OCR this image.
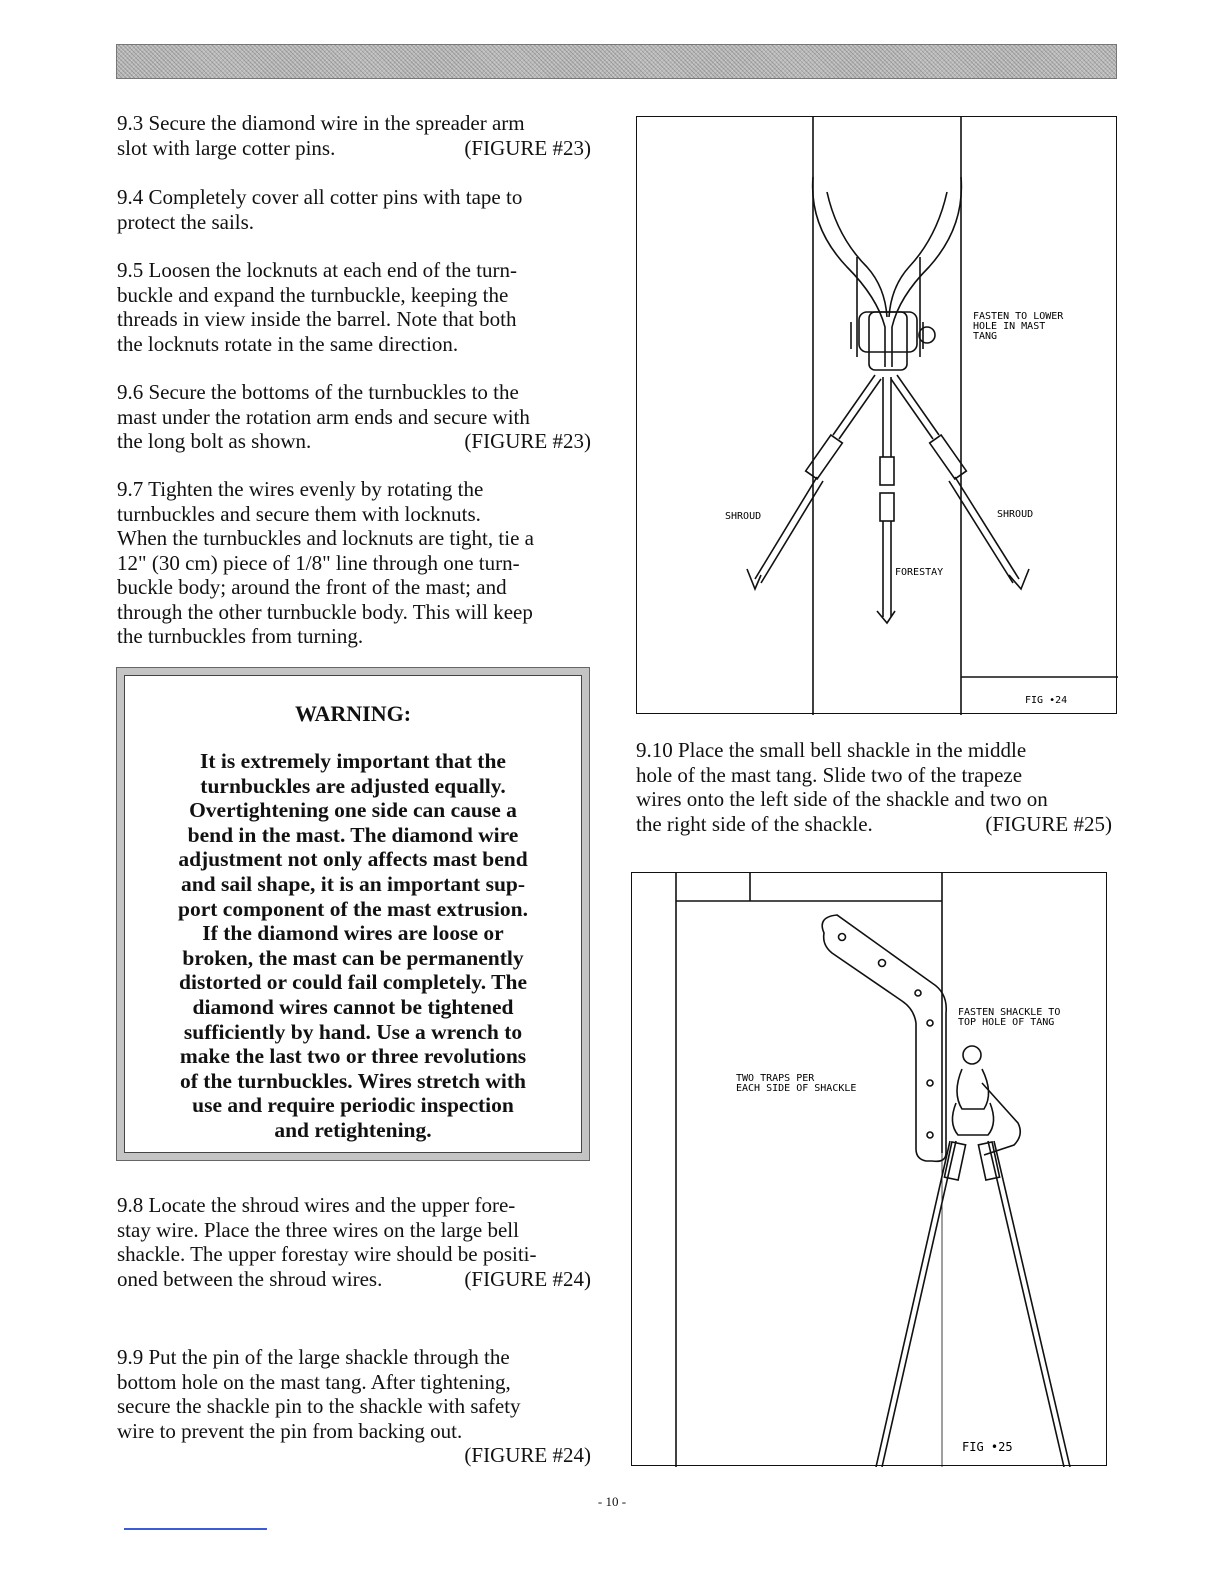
9.3 Secure the diamond wire in the spreader arm
slot with large cotter pins.	(FIGURE #23)
9.4 Completely cover all cotter pins with tape to
protect the sails.
9.5 Loosen the locknuts at each end of the turn-
buckle and expand the turnbuckle, keeping the
threads in view inside the barrel. Note that both
the locknuts rotate in the same direction.
9.6 Secure the bottoms of the turnbuckles to the
mast under the rotation arm ends and secure with
the long bolt as shown.	(FIGURE #23)
9.7 Tighten the wires evenly by rotating the
turnbuckles and secure them with locknuts.
When the turnbuckles and locknuts are tight, tie a
12" (30 cm) piece of 1/8" line through one turn-
buckle body; around the front of the mast; and
through the other turnbuckle body. This will keep
the turnbuckles from turning.
WARNING:
It is extremely important that the
turnbuckles are adjusted equally.
Overtightening one side can cause a
bend in the mast. The diamond wire
adjustment not only affects mast bend
and sail shape, it is an important sup-
port component of the mast extrusion.
If the diamond wires are loose or
broken, the mast can be permanently
distorted or could fail completely. The
diamond wires cannot be tightened
sufficiently by hand. Use a wrench to
make the last two or three revolutions
of the turnbuckles. Wires stretch with
use and require periodic inspection
and retightening.
9.8 Locate the shroud wires and the upper fore-
stay wire. Place the three wires on the large bell
shackle. The upper forestay wire should be positi-
oned between the shroud wires.	(FIGURE #24)
9.9 Put the pin of the large shackle through the
bottom hole on the mast tang. After tightening,
secure the shackle pin to the shackle with safety
wire to prevent the pin from backing out.
(FIGURE #24)
FASTEN TO LOWER
HOLE IN MAST
TANG
SHROUD	SHROUD
FORESTAY
FIG •24
9.10 Place the small bell shackle in the middle
hole of the mast tang. Slide two of the trapeze
wires onto the left side of the shackle and two on
the right side of the shackle.	(FIGURE #25)
FASTEN SHACKLE TO
TOP HOLE OF TANG
TWO TRAPS PER
EACH SIDE OF SHACKLE
FIG •25
- 10 -
